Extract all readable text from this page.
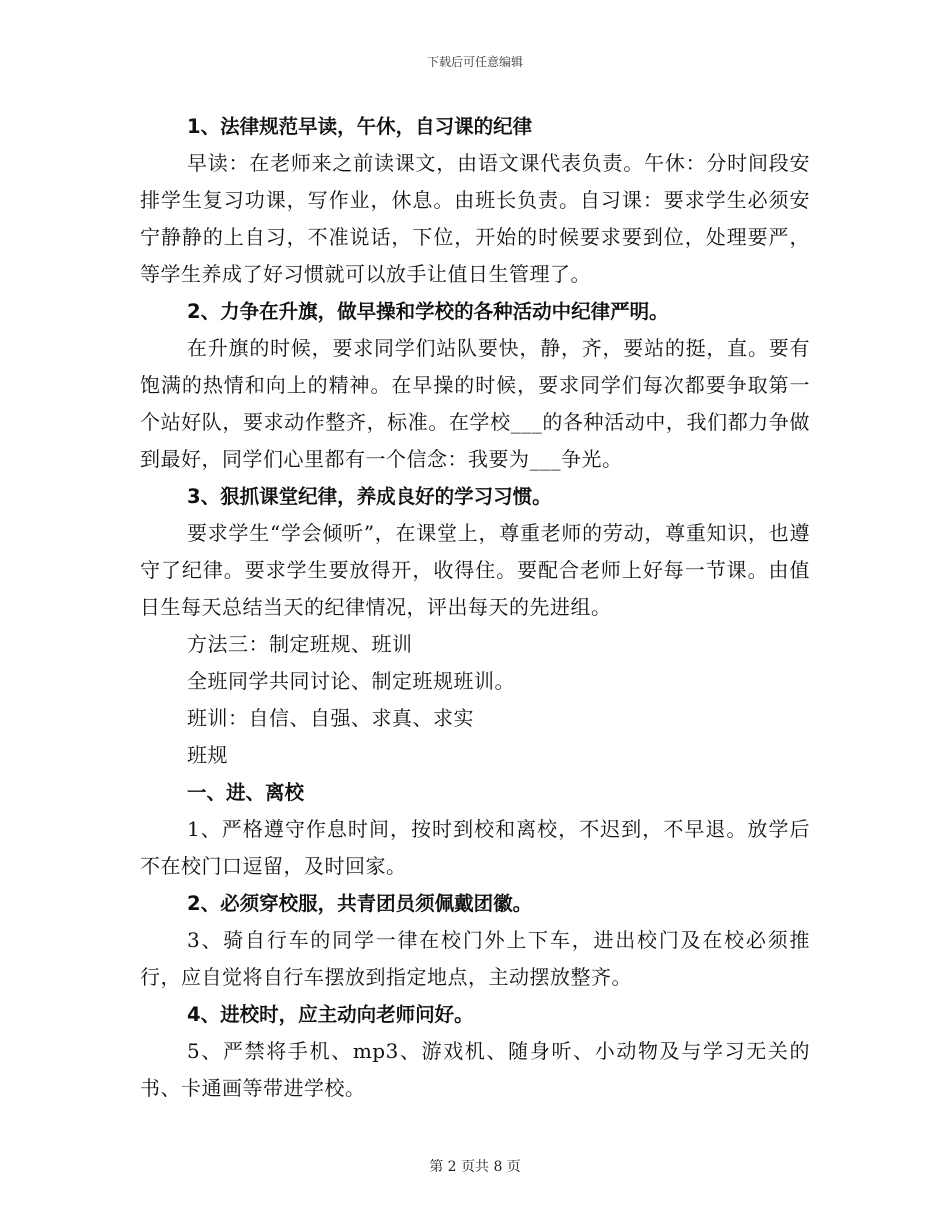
下载后可任意编辑

1、法律规范早读，午休，自习课的纪律

早读：在老师来之前读课文，由语文课代表负责。午休：分时间段安排学生复习功课，写作业，休息。由班长负责。自习课：要求学生必须安宁静静的上自习，不准说话，下位，开始的时候要求要到位，处理要严，等学生养成了好习惯就可以放手让值日生管理了。

2、力争在升旗，做早操和学校的各种活动中纪律严明。

在升旗的时候，要求同学们站队要快，静，齐，要站的挺，直。要有饱满的热情和向上的精神。在早操的时候，要求同学们每次都要争取第一个站好队，要求动作整齐，标准。在学校___的各种活动中，我们都力争做到最好，同学们心里都有一个信念：我要为___争光。

3、狠抓课堂纪律，养成良好的学习习惯。

要求学生“学会倾听”，在课堂上，尊重老师的劳动，尊重知识，也遵守了纪律。要求学生要放得开，收得住。要配合老师上好每一节课。由值日生每天总结当天的纪律情况，评出每天的先进组。

方法三：制定班规、班训

全班同学共同讨论、制定班规班训。

班训：自信、自强、求真、求实

班规

一、进、离校

1、严格遵守作息时间，按时到校和离校，不迟到，不早退。放学后不在校门口逗留，及时回家。

2、必须穿校服，共青团员须佩戴团徽。

3、骑自行车的同学一律在校门外上下车，进出校门及在校必须推行，应自觉将自行车摆放到指定地点，主动摆放整齐。

4、进校时，应主动向老师问好。

5、严禁将手机、mp3、游戏机、随身听、小动物及与学习无关的书、卡通画等带进学校。

第 2 页共 8 页
